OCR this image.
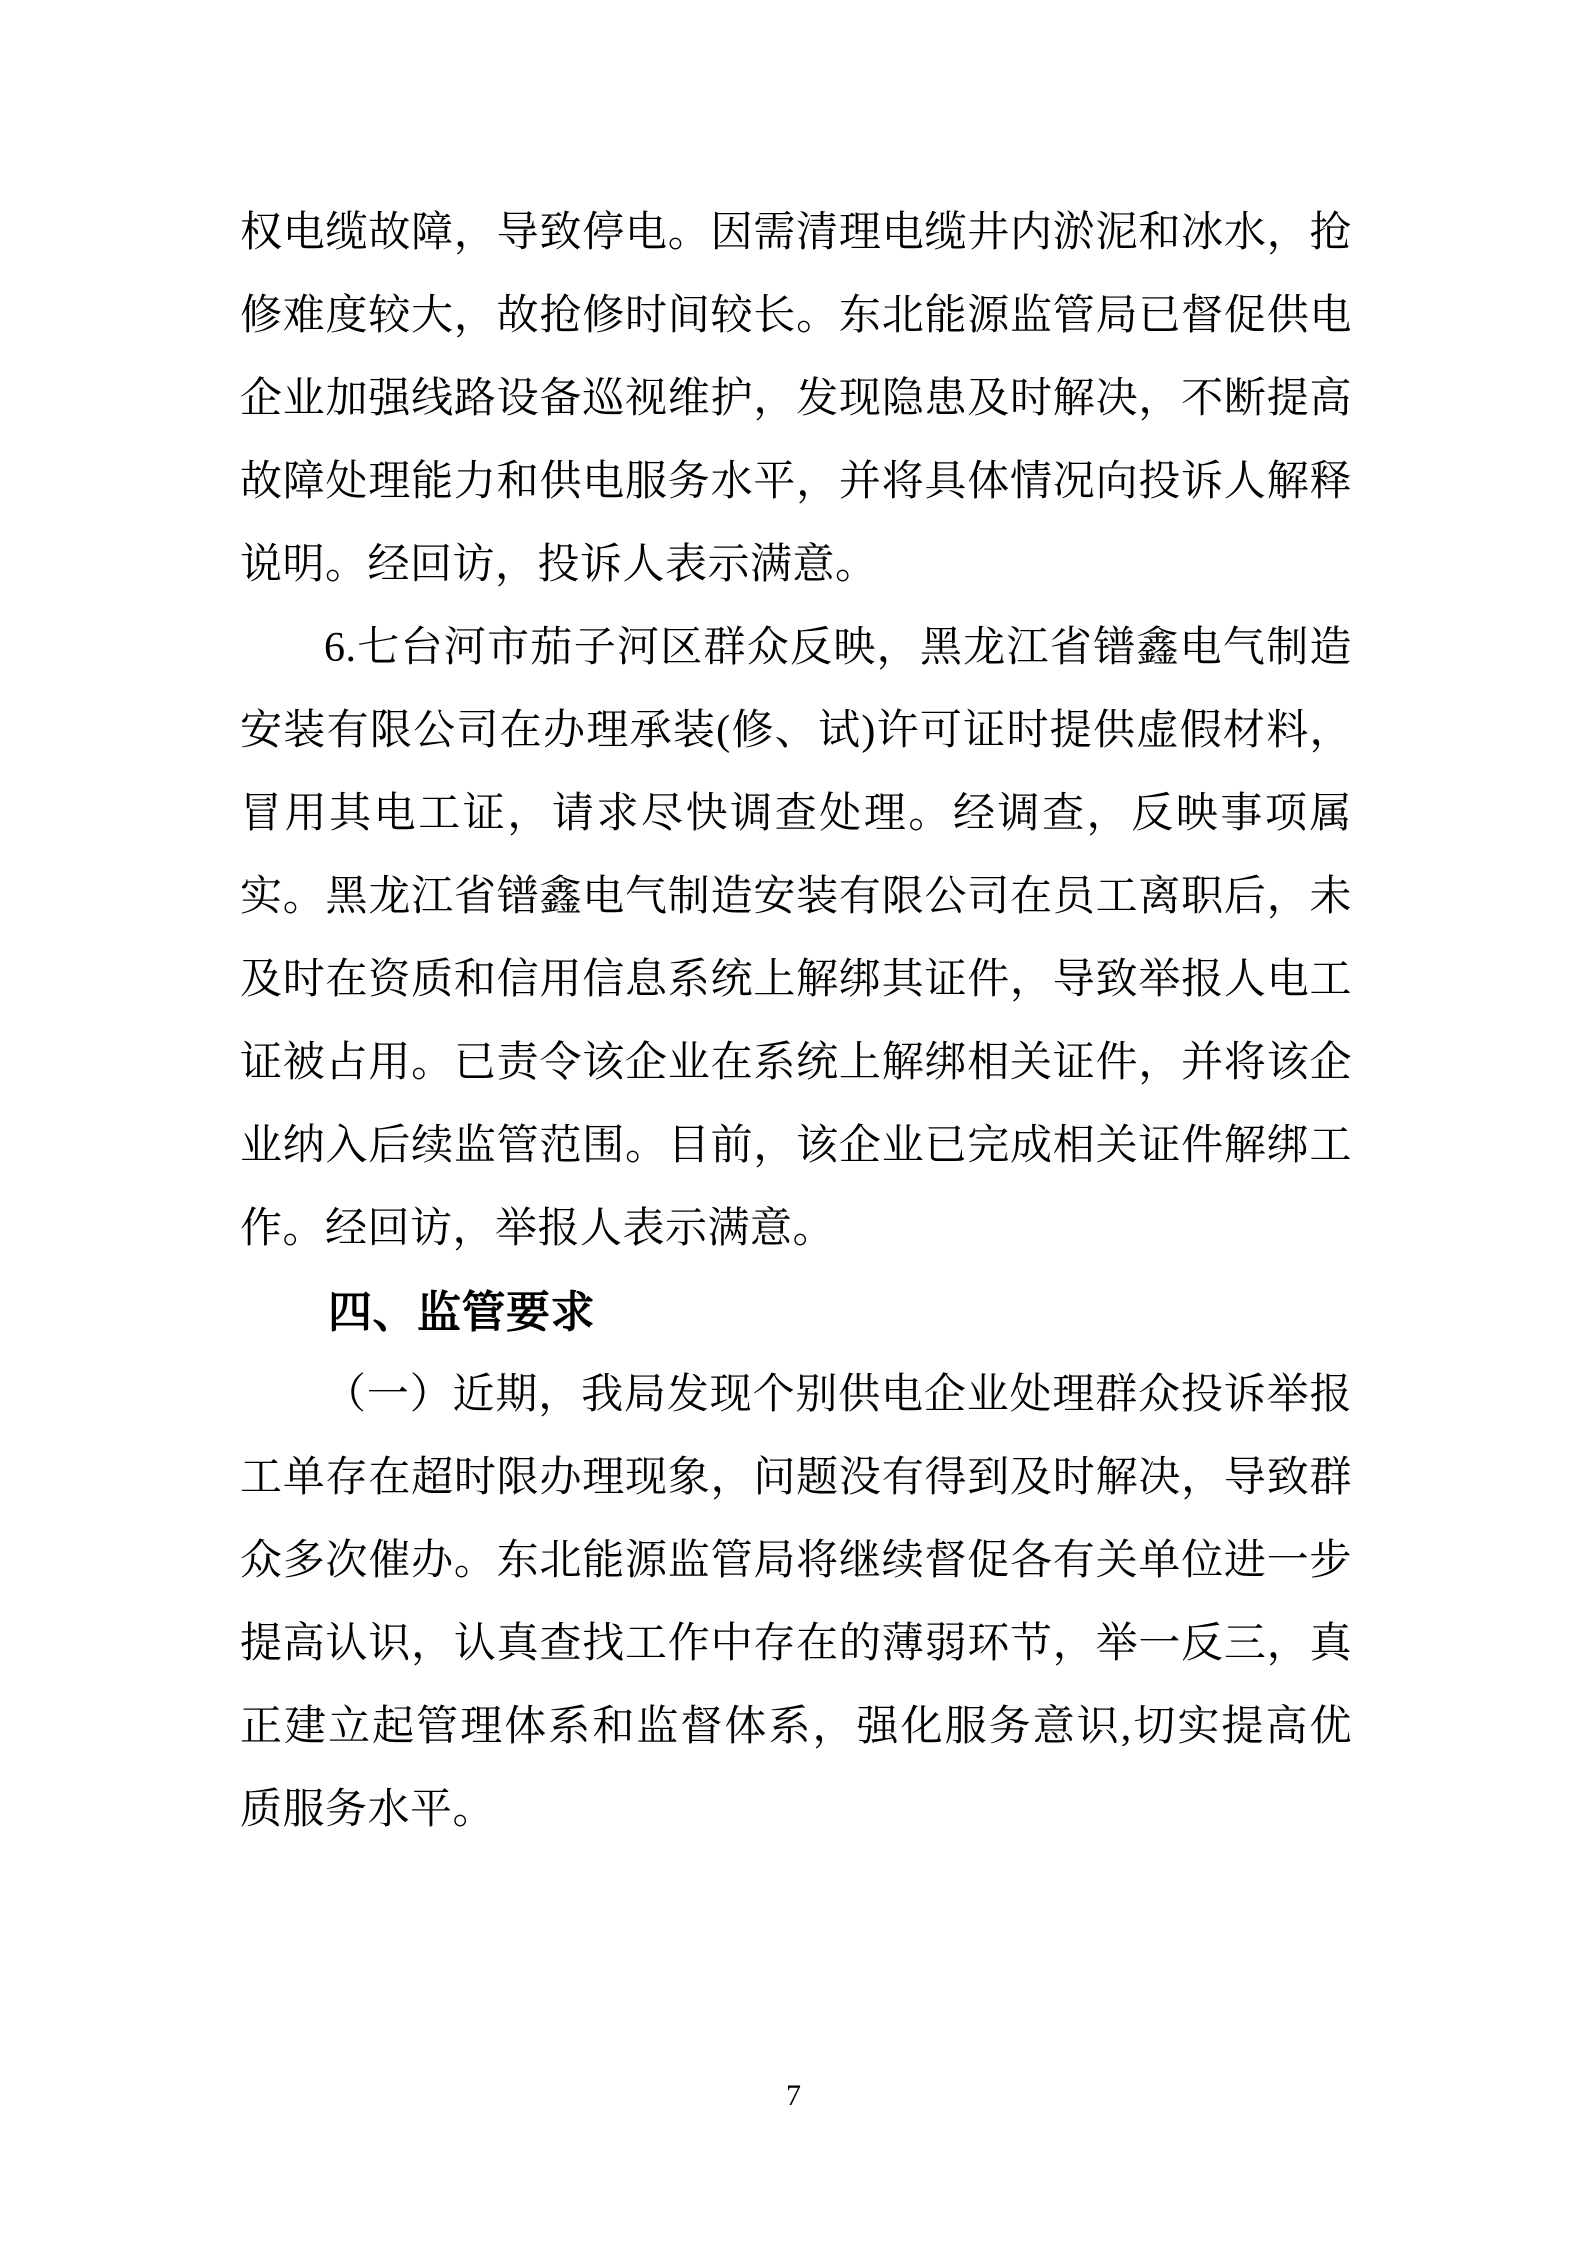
权电缆故障，导致停电。因需清理电缆井内淤泥和冰水，抢修难度较大，故抢修时间较长。东北能源监管局已督促供电企业加强线路设备巡视维护，发现隐患及时解决，不断提高故障处理能力和供电服务水平，并将具体情况向投诉人解释说明。经回访，投诉人表示满意。

6.七台河市茄子河区群众反映，黑龙江省镨鑫电气制造安装有限公司在办理承装(修、试)许可证时提供虚假材料，冒用其电工证，请求尽快调查处理。经调查，反映事项属实。黑龙江省镨鑫电气制造安装有限公司在员工离职后，未及时在资质和信用信息系统上解绑其证件，导致举报人电工证被占用。已责令该企业在系统上解绑相关证件，并将该企业纳入后续监管范围。目前，该企业已完成相关证件解绑工作。经回访，举报人表示满意。

四、监管要求

（一）近期，我局发现个别供电企业处理群众投诉举报工单存在超时限办理现象，问题没有得到及时解决，导致群众多次催办。东北能源监管局将继续督促各有关单位进一步提高认识，认真查找工作中存在的薄弱环节，举一反三，真正建立起管理体系和监督体系，强化服务意识,切实提高优质服务水平。

7
